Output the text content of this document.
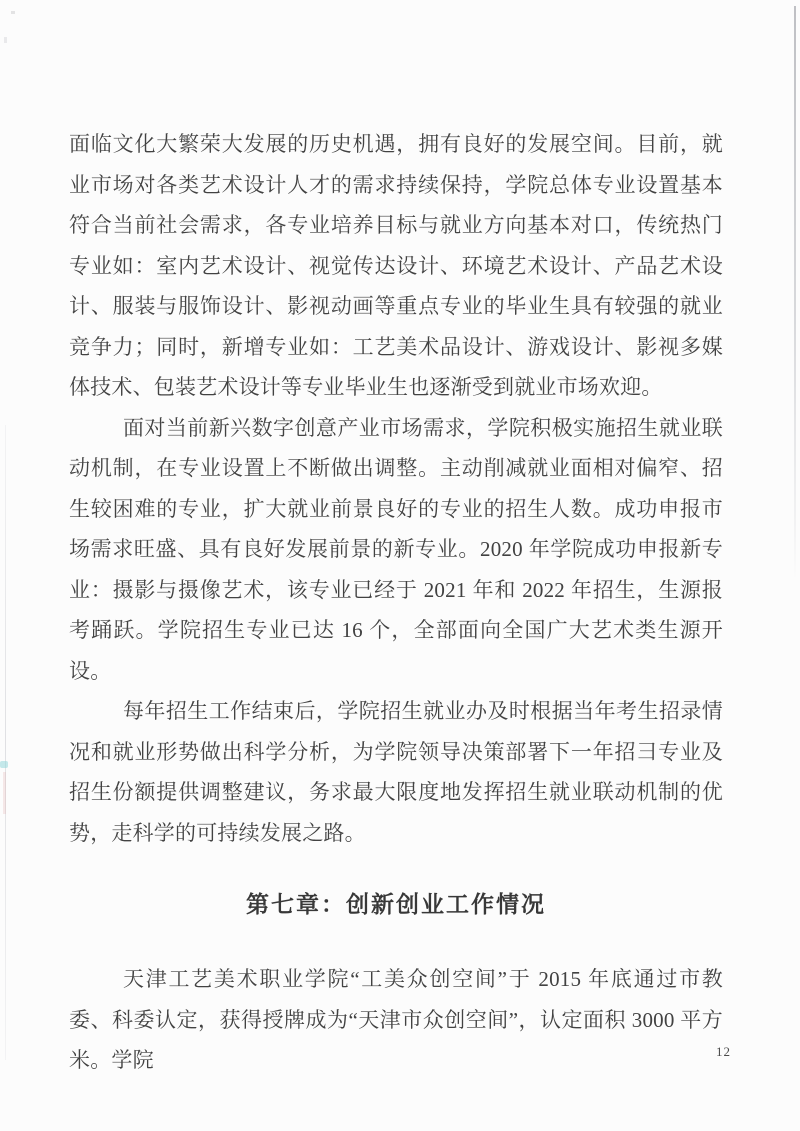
面临文化大繁荣大发展的历史机遇，拥有良好的发展空间。目前，就业市场对各类艺术设计人才的需求持续保持，学院总体专业设置基本符合当前社会需求，各专业培养目标与就业方向基本对口，传统热门专业如：室内艺术设计、视觉传达设计、环境艺术设计、产品艺术设计、服装与服饰设计、影视动画等重点专业的毕业生具有较强的就业竞争力；同时，新增专业如：工艺美术品设计、游戏设计、影视多媒体技术、包装艺术设计等专业毕业生也逐渐受到就业市场欢迎。

面对当前新兴数字创意产业市场需求，学院积极实施招生就业联动机制，在专业设置上不断做出调整。主动削减就业面相对偏窄、招生较困难的专业，扩大就业前景良好的专业的招生人数。成功申报市场需求旺盛、具有良好发展前景的新专业。2020 年学院成功申报新专业：摄影与摄像艺术，该专业已经于 2021 年和 2022 年招生，生源报考踊跃。学院招生专业已达 16 个，全部面向全国广大艺术类生源开设。

每年招生工作结束后，学院招生就业办及时根据当年考生招录情况和就业形势做出科学分析，为学院领导决策部署下一年招彐专业及招生份额提供调整建议，务求最大限度地发挥招生就业联动机制的优势，走科学的可持续发展之路。

第七章：创新创业工作情况

天津工艺美术职业学院“工美众创空间”于 2015 年底通过市教委、科委认定，获得授牌成为“天津市众创空间”，认定面积 3000 平方米。学院	12
